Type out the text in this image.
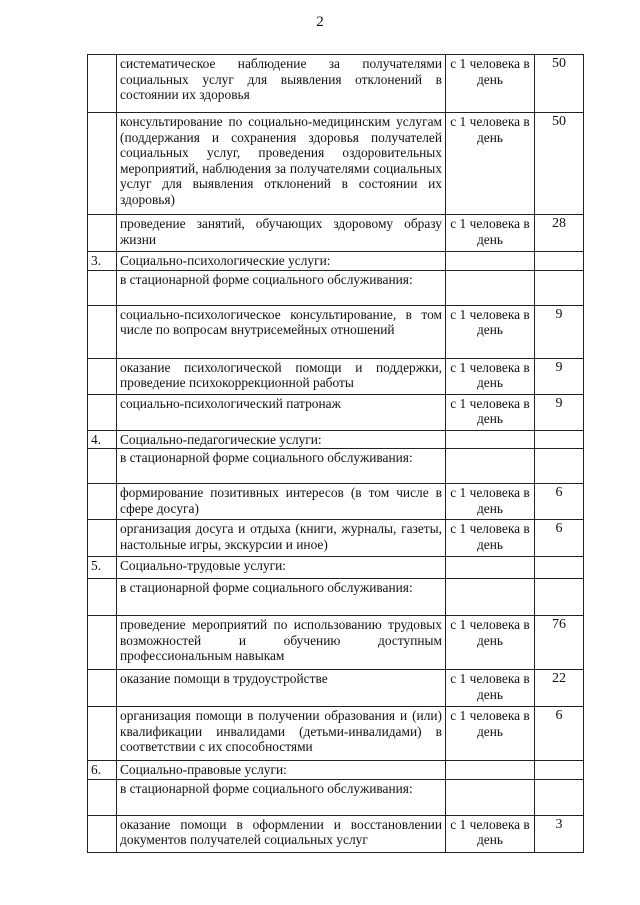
2
	систематическое наблюдение за получателями социальных услуг для выявления отклонений в состоянии их здоровья	с 1 человека в день	50
	консультирование по социально-медицинским услугам (поддержания и сохранения здоровья получателей социальных услуг, проведения оздоровительных мероприятий, наблюдения за получателями социальных услуг для выявления отклонений в состоянии их здоровья)	с 1 человека в день	50
	проведение занятий, обучающих здоровому образу жизни	с 1 человека в день	28
3.	Социально-психологические услуги:		
	в стационарной форме социального обслуживания:		
	социально-психологическое консультирование, в том числе по вопросам внутрисемейных отношений	с 1 человека в день	9
	оказание психологической помощи и поддержки, проведение психокоррекционной работы	с 1 человека в день	9
	социально-психологический патронаж	с 1 человека в день	9
4.	Социально-педагогические услуги:		
	в стационарной форме социального обслуживания:		
	формирование позитивных интересов (в том числе в сфере досуга)	с 1 человека в день	6
	организация досуга и отдыха (книги, журналы, газеты, настольные игры, экскурсии и иное)	с 1 человека в день	6
5.	Социально-трудовые услуги:		
	в стационарной форме социального обслуживания:		
	проведение мероприятий по использованию трудовых возможностей и обучению доступным профессиональным навыкам	с 1 человека в день	76
	оказание помощи в трудоустройстве	с 1 человека в день	22
	организация помощи в получении образования и (или) квалификации инвалидами (детьми-инвалидами) в соответствии с их способностями	с 1 человека в день	6
6.	Социально-правовые услуги:		
	в стационарной форме социального обслуживания:		
	оказание помощи в оформлении и восстановлении документов получателей социальных услуг	с 1 человека в день	3
